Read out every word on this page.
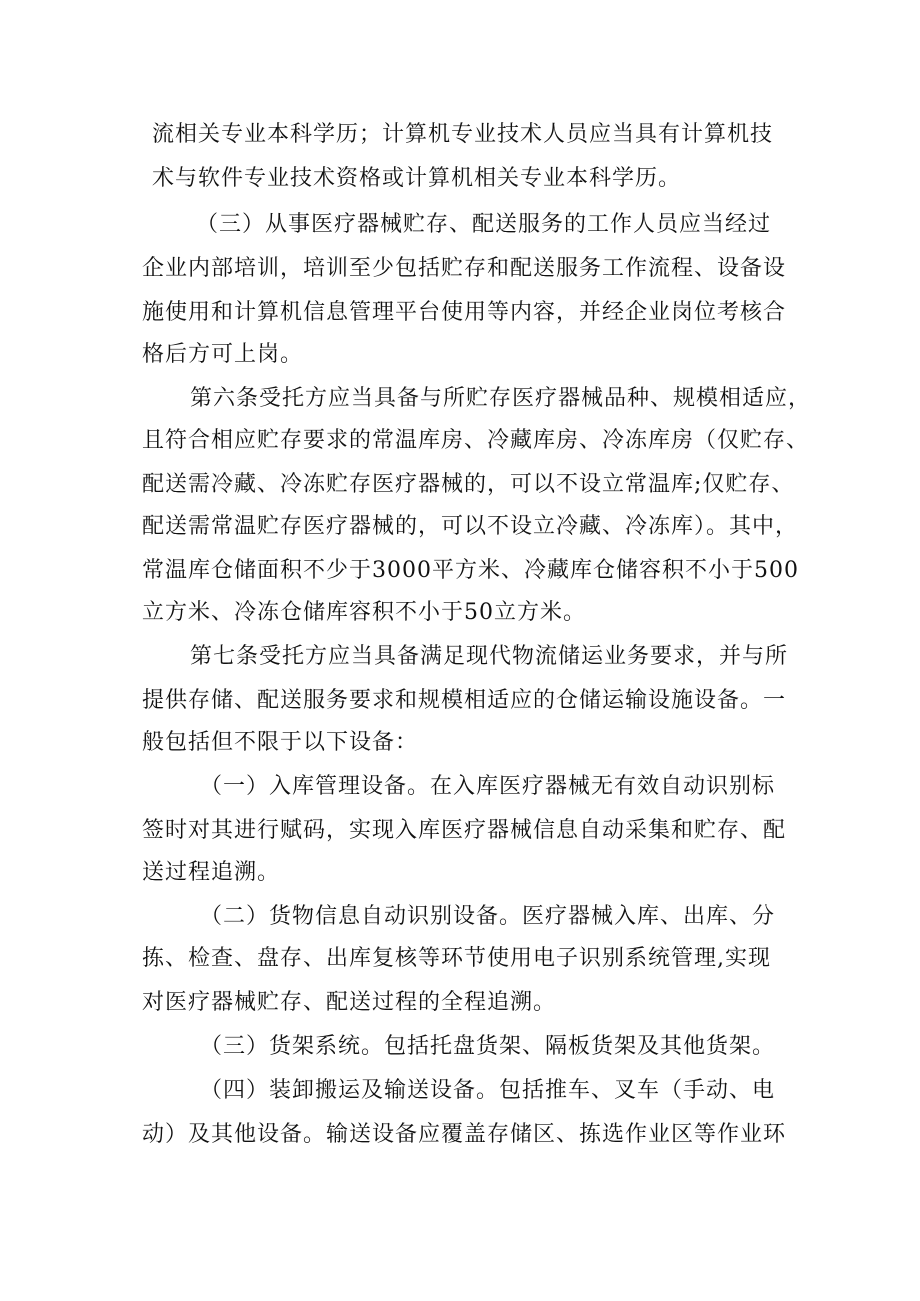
流相关专业本科学历；计算机专业技术人员应当具有计算机技
术与软件专业技术资格或计算机相关专业本科学历。
（三）从事医疗器械贮存、配送服务的工作人员应当经过
企业内部培训，培训至少包括贮存和配送服务工作流程、设备设
施使用和计算机信息管理平台使用等内容，并经企业岗位考核合
格后方可上岗。
第六条受托方应当具备与所贮存医疗器械品种、规模相适应，
且符合相应贮存要求的常温库房、冷藏库房、冷冻库房（仅贮存、
配送需冷藏、冷冻贮存医疗器械的，可以不设立常温库;仅贮存、
配送需常温贮存医疗器械的，可以不设立冷藏、冷冻库）。其中，
常温库仓储面积不少于3000平方米、冷藏库仓储容积不小于500
立方米、冷冻仓储库容积不小于50立方米。
第七条受托方应当具备满足现代物流储运业务要求，并与所
提供存储、配送服务要求和规模相适应的仓储运输设施设备。一
般包括但不限于以下设备：
（一）入库管理设备。在入库医疗器械无有效自动识别标
签时对其进行赋码，实现入库医疗器械信息自动采集和贮存、配
送过程追溯。
（二）货物信息自动识别设备。医疗器械入库、出库、分
拣、检查、盘存、出库复核等环节使用电子识别系统管理,实现
对医疗器械贮存、配送过程的全程追溯。
（三）货架系统。包括托盘货架、隔板货架及其他货架。
（四）装卸搬运及输送设备。包括推车、叉车（手动、电
动）及其他设备。输送设备应覆盖存储区、拣选作业区等作业环
